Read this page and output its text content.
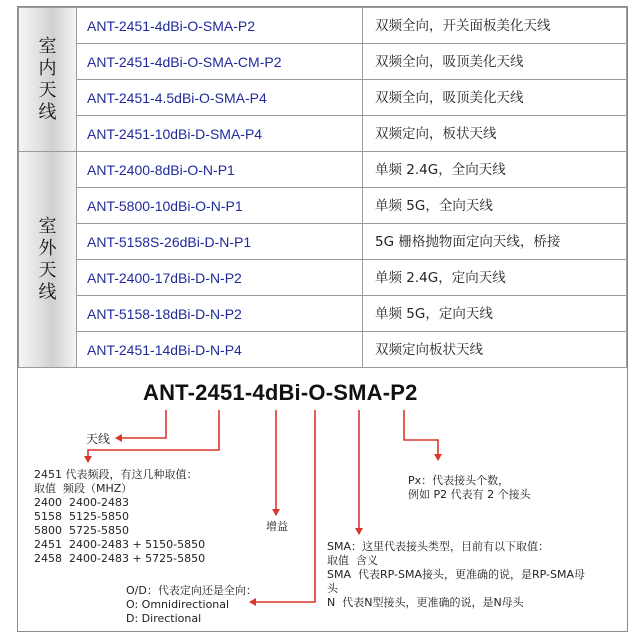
室内天线	ANT-2451-4dBi-O-SMA-P2	双频全向，开关面板美化天线

	ANT-2451-4dBi-O-SMA-CM-P2	双频全向，吸顶美化天线

	ANT-2451-4.5dBi-O-SMA-P4	双频全向，吸顶美化天线

	ANT-2451-10dBi-D-SMA-P4	双频定向，板状天线

室外天线	ANT-2400-8dBi-O-N-P1	单频 2.4G，全向天线

	ANT-5800-10dBi-O-N-P1	单频 5G，全向天线

	ANT-5158S-26dBi-D-N-P1	5G 栅格抛物面定向天线，桥接

	ANT-2400-17dBi-D-N-P2	单频 2.4G，定向天线

	ANT-5158-18dBi-D-N-P2	单频 5G，定向天线

	ANT-2451-14dBi-D-N-P4	双频定向板状天线
ANT-2451-4dBi-O-SMA-P2
天线
2451 代表频段，有这几种取值：
取值  频段（MHZ）
2400  2400-2483
5158  5125-5850
5800  5725-5850
2451  2400-2483 + 5150-5850
2458  2400-2483 + 5725-5850
增益
O/D：代表定向还是全向：
O: Omnidirectional
D: Directional
SMA：这里代表接头类型，目前有以下取值：
取值  含义
SMA  代表RP-SMA接头，更准确的说，是RP-SMA母
头
N  代表N型接头，更准确的说，是N母头
Px：代表接头个数，
例如 P2 代表有 2 个接头
